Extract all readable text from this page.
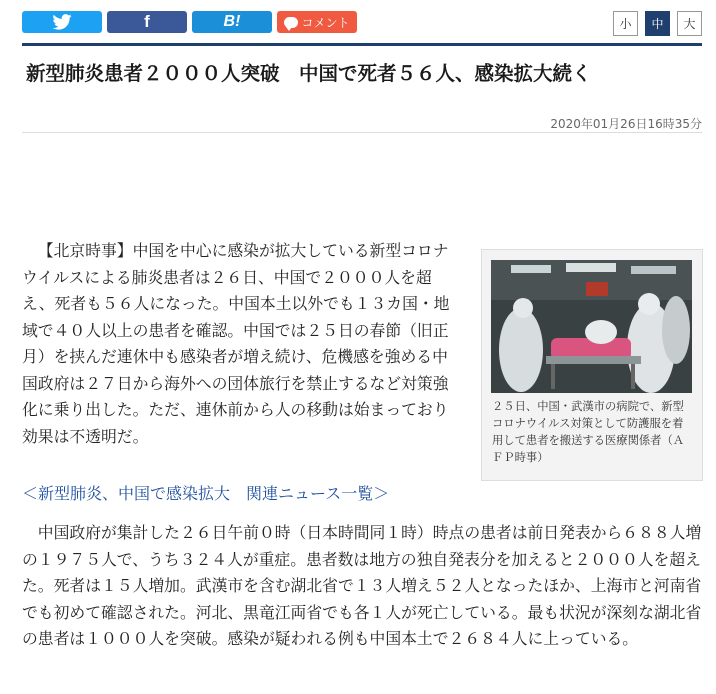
f	B!	コメント	小	中	大
新型肺炎患者２０００人突破　中国で死者５６人、感染拡大続く
2020年01月26日16時35分

【北京時事】中国を中心に感染が拡大している新型コロナウイルスによる肺炎患者は２６日、中国で２０００人を超え、死者も５６人になった。中国本土以外でも１３カ国・地域で４０人以上の患者を確認。中国では２５日の春節（旧正月）を挟んだ連休中も感染者が増え続け、危機感を強める中国政府は２７日から海外への団体旅行を禁止するなど対策強化に乗り出した。ただ、連休前から人の移動は始まっており効果は不透明だ。

２５日、中国・武漢市の病院で、新型コロナウイルス対策として防護服を着用して患者を搬送する医療関係者（ＡＦＰ時事）

＜新型肺炎、中国で感染拡大　関連ニュース一覧＞

中国政府が集計した２６日午前０時（日本時間同１時）時点の患者は前日発表から６８８人増の１９７５人で、うち３２４人が重症。患者数は地方の独自発表分を加えると２０００人を超えた。死者は１５人増加。武漢市を含む湖北省で１３人増え５２人となったほか、上海市と河南省でも初めて確認された。河北、黒竜江両省でも各１人が死亡している。最も状況が深刻な湖北省の患者は１０００人を突破。感染が疑われる例も中国本土で２６８４人に上っている。
